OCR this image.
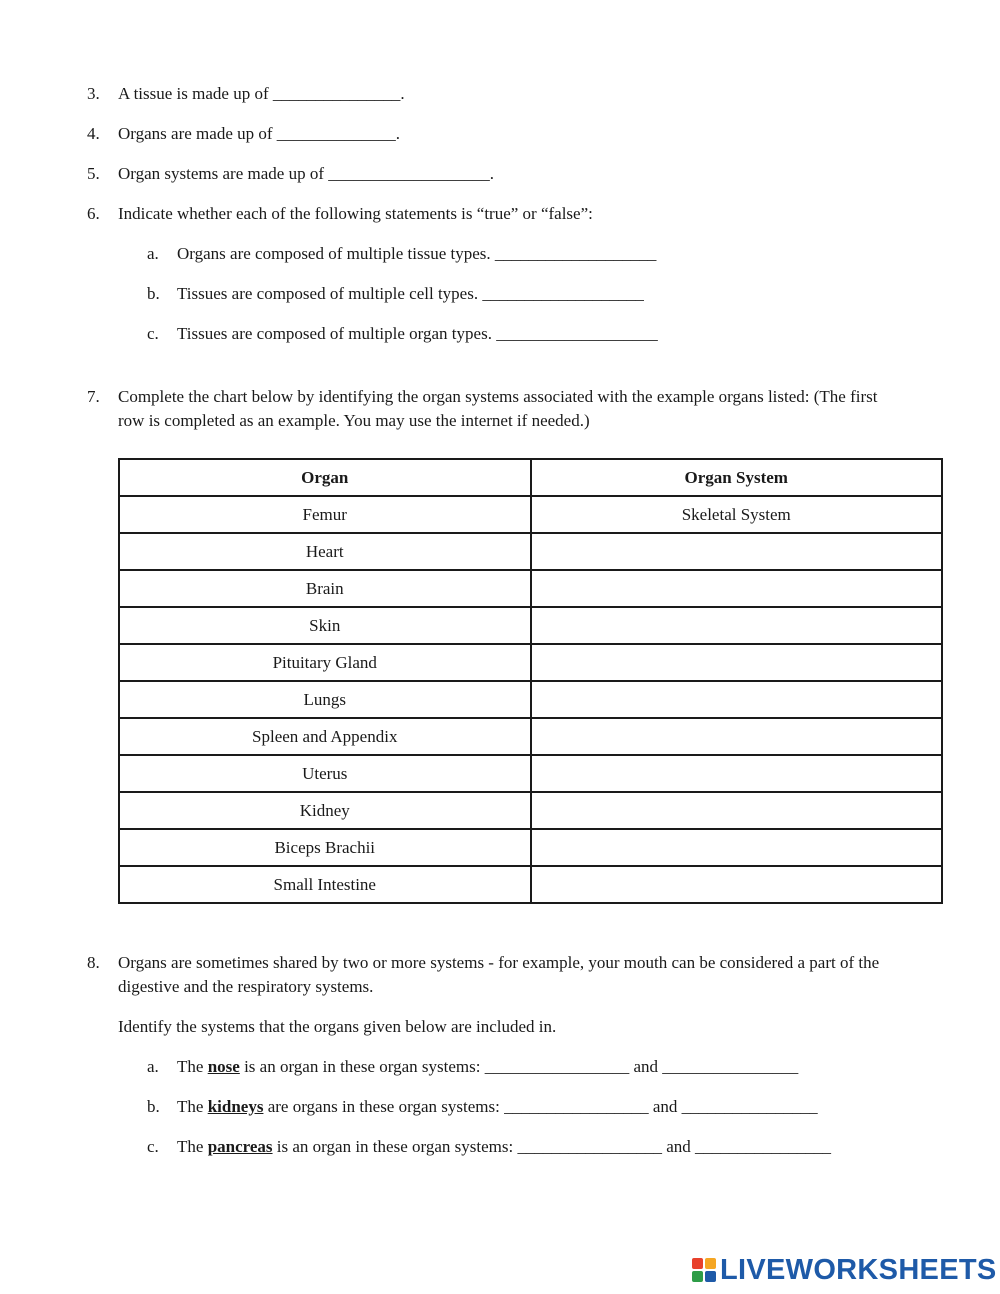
3. A tissue is made up of _______________.
4. Organs are made up of ______________.
5. Organ systems are made up of ___________________.
6. Indicate whether each of the following statements is “true” or “false”:
a. Organs are composed of multiple tissue types. ___________________
b. Tissues are composed of multiple cell types. ___________________
c. Tissues are composed of multiple organ types. ___________________
7. Complete the chart below by identifying the organ systems associated with the example organs listed: (The first
row is completed as an example. You may use the internet if needed.)
Organ	Organ System
Femur	Skeletal System
Heart	
Brain	
Skin	
Pituitary Gland	
Lungs	
Spleen and Appendix	
Uterus	
Kidney	
Biceps Brachii	
Small Intestine	
8. Organs are sometimes shared by two or more systems - for example, your mouth can be considered a part of the
digestive and the respiratory systems.
Identify the systems that the organs given below are included in.
a. The nose is an organ in these organ systems: _________________ and ________________
b. The kidneys are organs in these organ systems: _________________ and ________________
c. The pancreas is an organ in these organ systems: _________________ and ________________
LIVEWORKSHEETS
